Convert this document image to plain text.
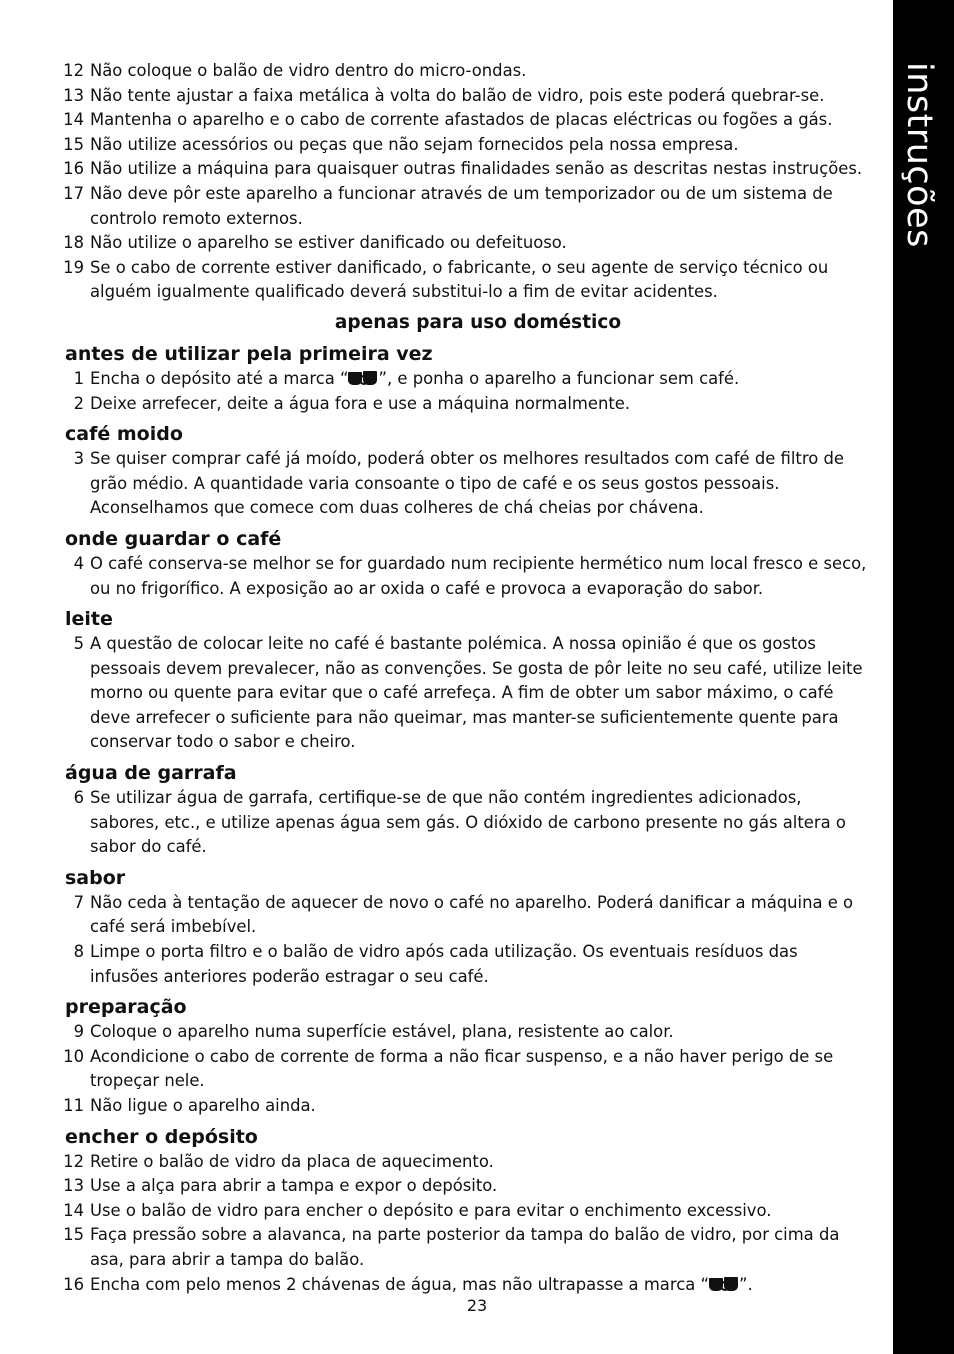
instruções
12 Não coloque o balão de vidro dentro do micro-ondas.
13 Não tente ajustar a faixa metálica à volta do balão de vidro, pois este poderá quebrar-se.
14 Mantenha o aparelho e o cabo de corrente afastados de placas eléctricas ou fogões a gás.
15 Não utilize acessórios ou peças que não sejam fornecidos pela nossa empresa.
16 Não utilize a máquina para quaisquer outras finalidades senão as descritas nestas instruções.
17 Não deve pôr este aparelho a funcionar através de um temporizador ou de um sistema de
controlo remoto externos.
18 Não utilize o aparelho se estiver danificado ou defeituoso.
19 Se o cabo de corrente estiver danificado, o fabricante, o seu agente de serviço técnico ou
alguém igualmente qualificado deverá substitui-lo a fim de evitar acidentes.
apenas para uso doméstico
antes de utilizar pela primeira vez
1 Encha o depósito até a marca “ ”, e ponha o aparelho a funcionar sem café.
2 Deixe arrefecer, deite a água fora e use a máquina normalmente.
café moido
3 Se quiser comprar café já moído, poderá obter os melhores resultados com café de filtro de
grão médio. A quantidade varia consoante o tipo de café e os seus gostos pessoais.
Aconselhamos que comece com duas colheres de chá cheias por chávena.
onde guardar o café
4 O café conserva-se melhor se for guardado num recipiente hermético num local fresco e seco,
ou no frigorífico. A exposição ao ar oxida o café e provoca a evaporação do sabor.
leite
5 A questão de colocar leite no café é bastante polémica. A nossa opinião é que os gostos
pessoais devem prevalecer, não as convenções. Se gosta de pôr leite no seu café, utilize leite
morno ou quente para evitar que o café arrefeça. A fim de obter um sabor máximo, o café
deve arrefecer o suficiente para não queimar, mas manter-se suficientemente quente para
conservar todo o sabor e cheiro.
água de garrafa
6 Se utilizar água de garrafa, certifique-se de que não contém ingredientes adicionados,
sabores, etc., e utilize apenas água sem gás. O dióxido de carbono presente no gás altera o
sabor do café.
sabor
7 Não ceda à tentação de aquecer de novo o café no aparelho. Poderá danificar a máquina e o
café será imbebível.
8 Limpe o porta filtro e o balão de vidro após cada utilização. Os eventuais resíduos das
infusões anteriores poderão estragar o seu café.
preparação
9 Coloque o aparelho numa superfície estável, plana, resistente ao calor.
10 Acondicione o cabo de corrente de forma a não ficar suspenso, e a não haver perigo de se
tropeçar nele.
11 Não ligue o aparelho ainda.
encher o depósito
12 Retire o balão de vidro da placa de aquecimento.
13 Use a alça para abrir a tampa e expor o depósito.
14 Use o balão de vidro para encher o depósito e para evitar o enchimento excessivo.
15 Faça pressão sobre a alavanca, na parte posterior da tampa do balão de vidro, por cima da
asa, para abrir a tampa do balão.
16 Encha com pelo menos 2 chávenas de água, mas não ultrapasse a marca “ ”.
23
